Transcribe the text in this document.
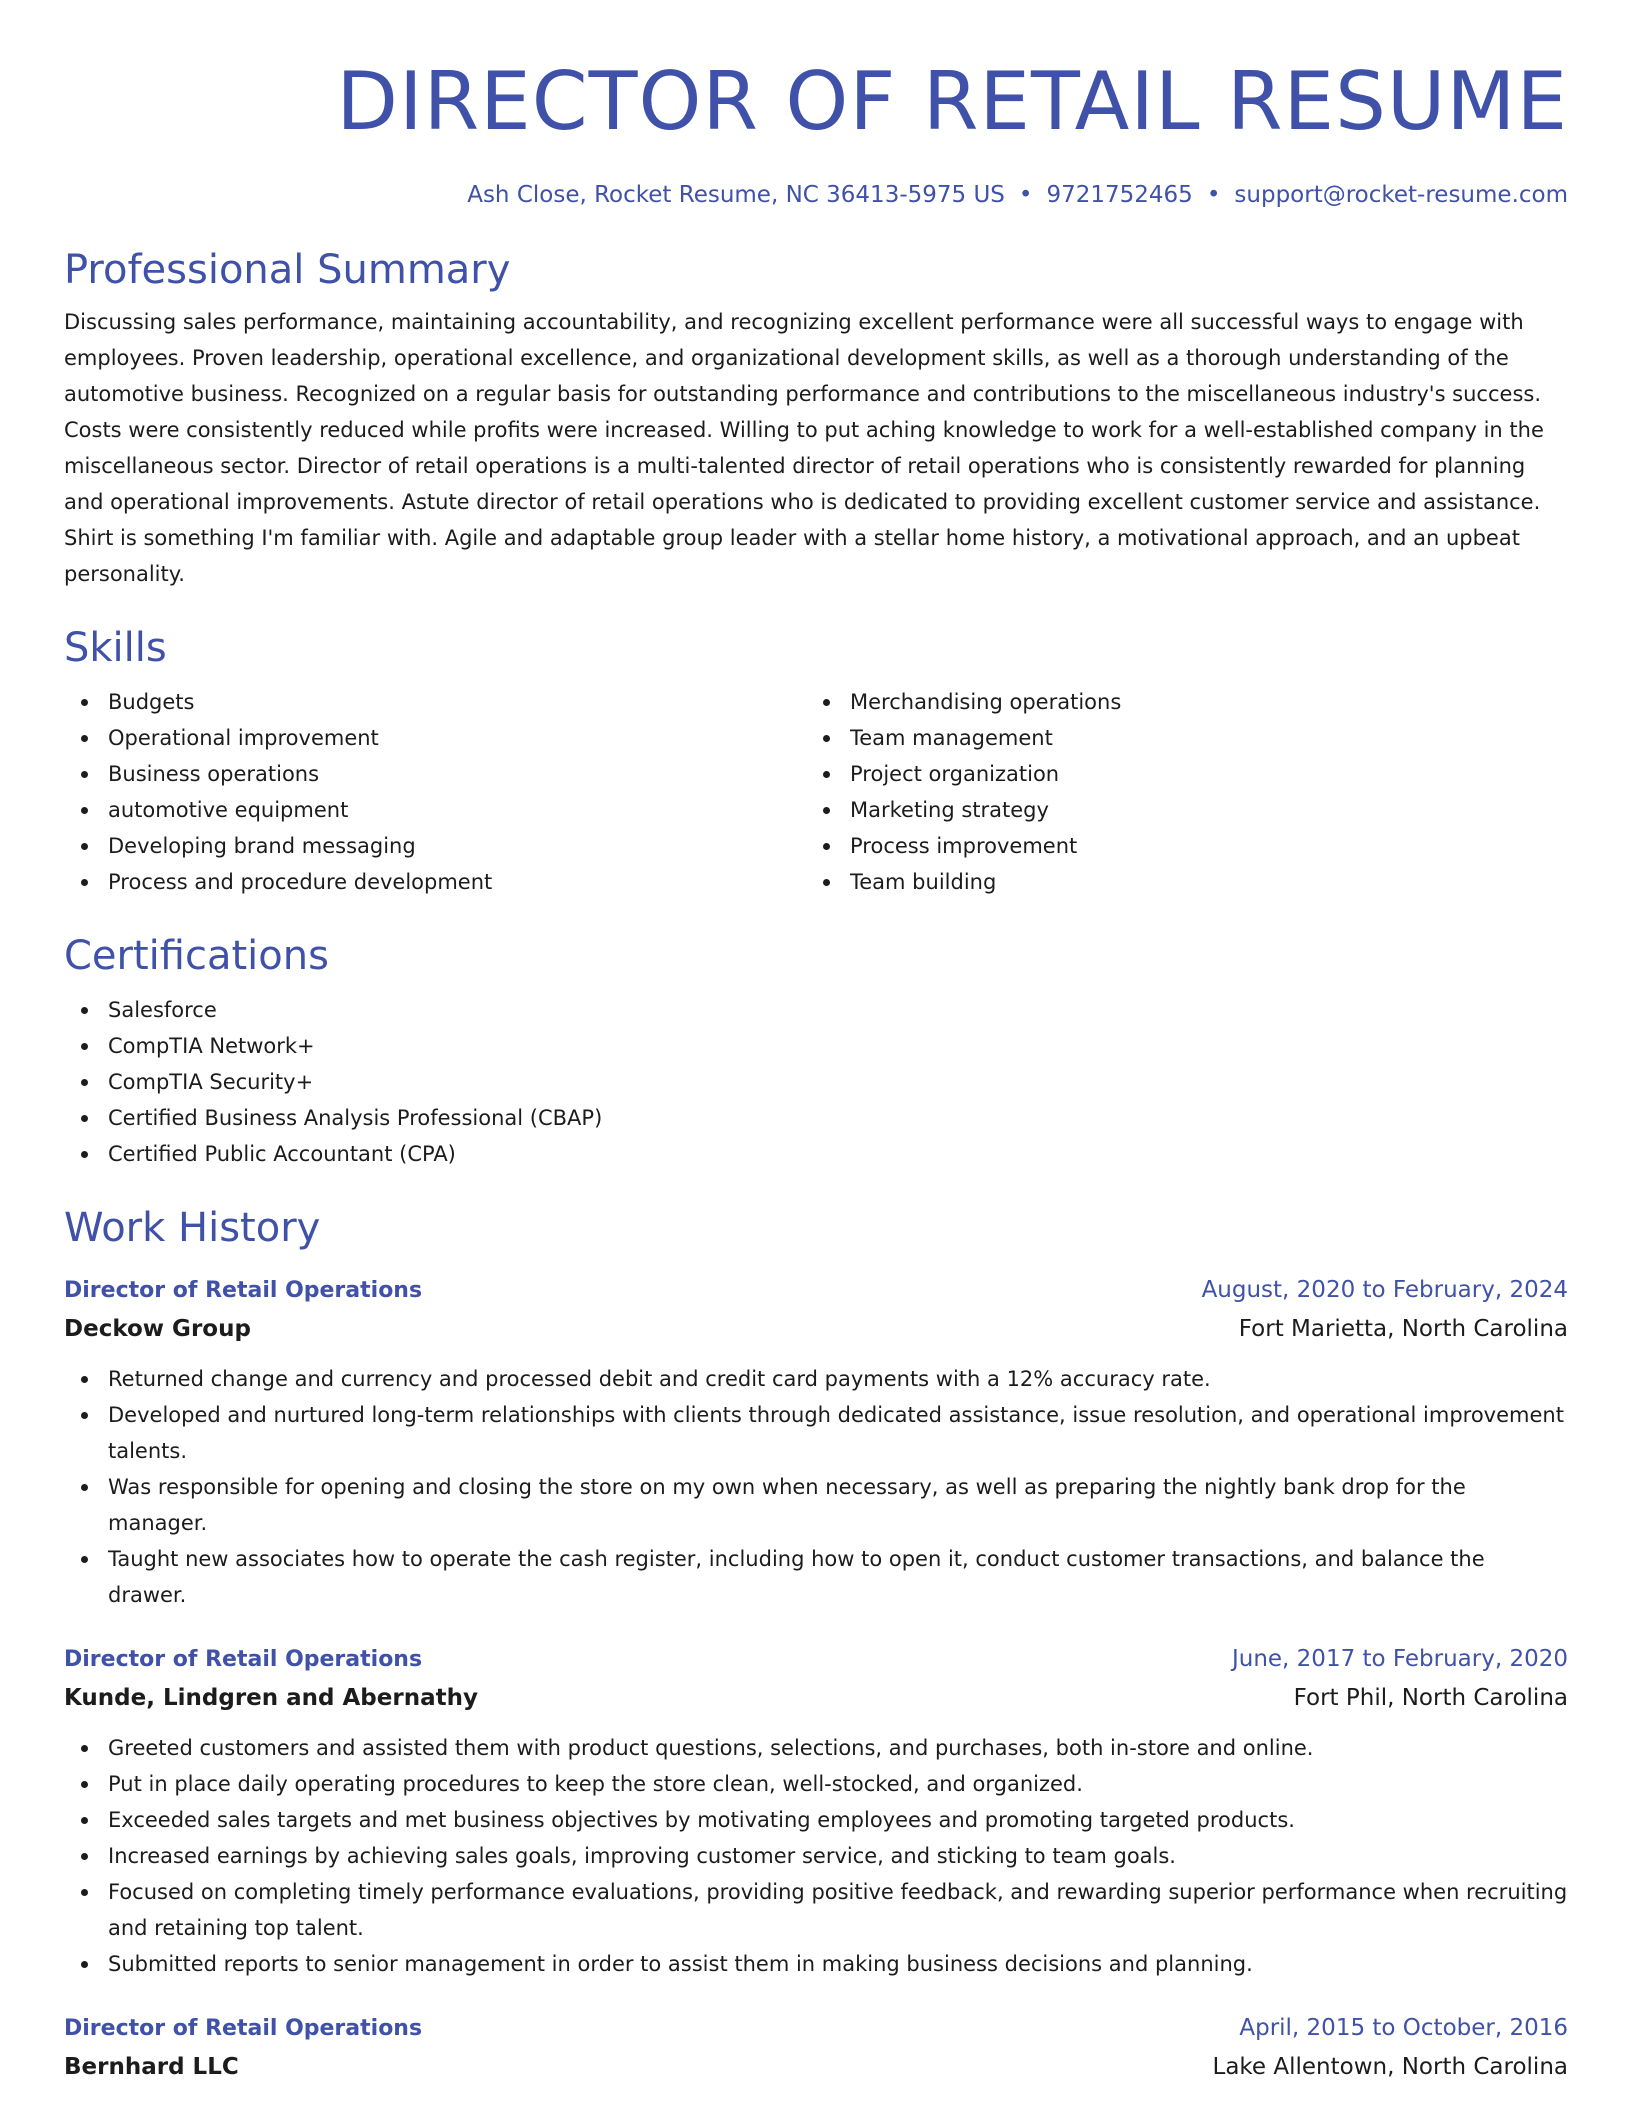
DIRECTOR OF RETAIL RESUME
Ash Close, Rocket Resume, NC 36413-5975 US • 9721752465 • support@rocket-resume.com
Professional Summary

Discussing sales performance, maintaining accountability, and recognizing excellent performance were all successful ways to engage with employees. Proven leadership, operational excellence, and organizational development skills, as well as a thorough understanding of the automotive business. Recognized on a regular basis for outstanding performance and contributions to the miscellaneous industry's success. Costs were consistently reduced while profits were increased. Willing to put aching knowledge to work for a well-established company in the miscellaneous sector. Director of retail operations is a multi-talented director of retail operations who is consistently rewarded for planning and operational improvements. Astute director of retail operations who is dedicated to providing excellent customer service and assistance. Shirt is something I'm familiar with. Agile and adaptable group leader with a stellar home history, a motivational approach, and an upbeat personality.

Skills
Budgets
Operational improvement
Business operations
automotive equipment
Developing brand messaging
Process and procedure development
Merchandising operations
Team management
Project organization
Marketing strategy
Process improvement
Team building
Certifications
Salesforce
CompTIA Network+
CompTIA Security+
Certified Business Analysis Professional (CBAP)
Certified Public Accountant (CPA)
Work History
Director of Retail Operations	August, 2020 to February, 2024
Deckow Group	Fort Marietta, North Carolina
Returned change and currency and processed debit and credit card payments with a 12% accuracy rate.
Developed and nurtured long-term relationships with clients through dedicated assistance, issue resolution, and operational improvement talents.
Was responsible for opening and closing the store on my own when necessary, as well as preparing the nightly bank drop for the manager.
Taught new associates how to operate the cash register, including how to open it, conduct customer transactions, and balance the drawer.
Director of Retail Operations	June, 2017 to February, 2020
Kunde, Lindgren and Abernathy	Fort Phil, North Carolina
Greeted customers and assisted them with product questions, selections, and purchases, both in-store and online.
Put in place daily operating procedures to keep the store clean, well-stocked, and organized.
Exceeded sales targets and met business objectives by motivating employees and promoting targeted products.
Increased earnings by achieving sales goals, improving customer service, and sticking to team goals.
Focused on completing timely performance evaluations, providing positive feedback, and rewarding superior performance when recruiting and retaining top talent.
Submitted reports to senior management in order to assist them in making business decisions and planning.
Director of Retail Operations	April, 2015 to October, 2016
Bernhard LLC	Lake Allentown, North Carolina
